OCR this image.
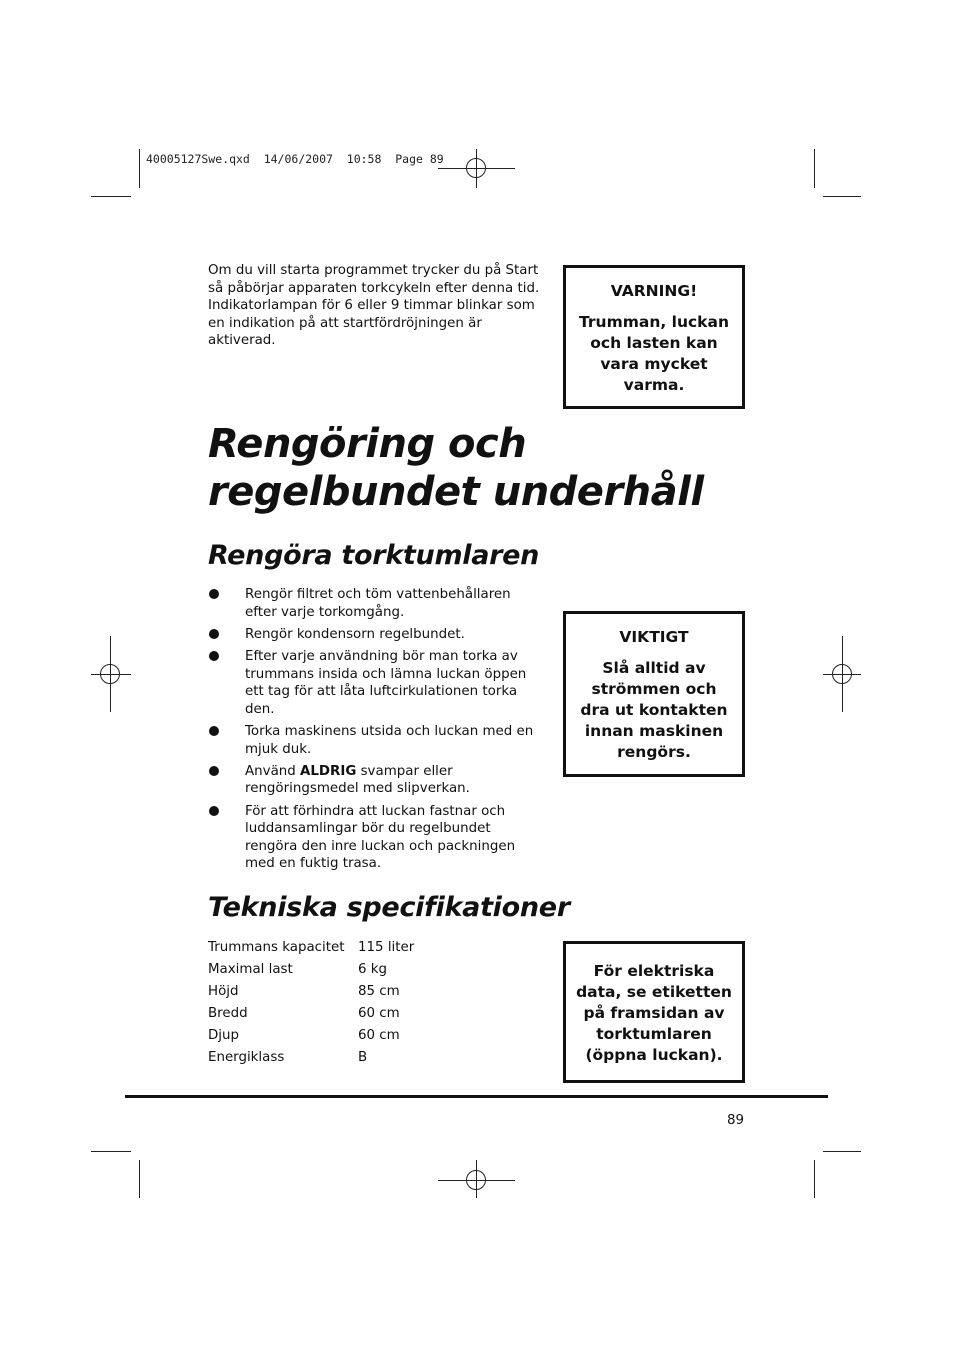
40005127Swe.qxd  14/06/2007  10:58  Page 89
Om du vill starta programmet trycker du på Start så påbörjar apparaten torkcykeln efter denna tid. Indikatorlampan för 6 eller 9 timmar blinkar som en indikation på att startfördröjningen är aktiverad.
VARNING!
Trumman, luckan och lasten kan vara mycket varma.
Rengöring och
regelbundet underhåll
Rengöra torktumlaren
Rengör filtret och töm vattenbehållaren efter varje torkomgång.
Rengör kondensorn regelbundet.
Efter varje användning bör man torka av trummans insida och lämna luckan öppen ett tag för att låta luftcirkulationen torka den.
Torka maskinens utsida och luckan med en mjuk duk.
Använd ALDRIG svampar eller rengöringsmedel med slipverkan.
För att förhindra att luckan fastnar och luddansamlingar bör du regelbundet rengöra den inre luckan och packningen med en fuktig trasa.
VIKTIGT
Slå alltid av strömmen och dra ut kontakten innan maskinen rengörs.
Tekniska specifikationer
Trummans kapacitet	115 liter
Maximal last	6 kg
Höjd	85 cm
Bredd	60 cm
Djup	60 cm
Energiklass	B
För elektriska data, se etiketten på framsidan av torktumlaren (öppna luckan).
89
